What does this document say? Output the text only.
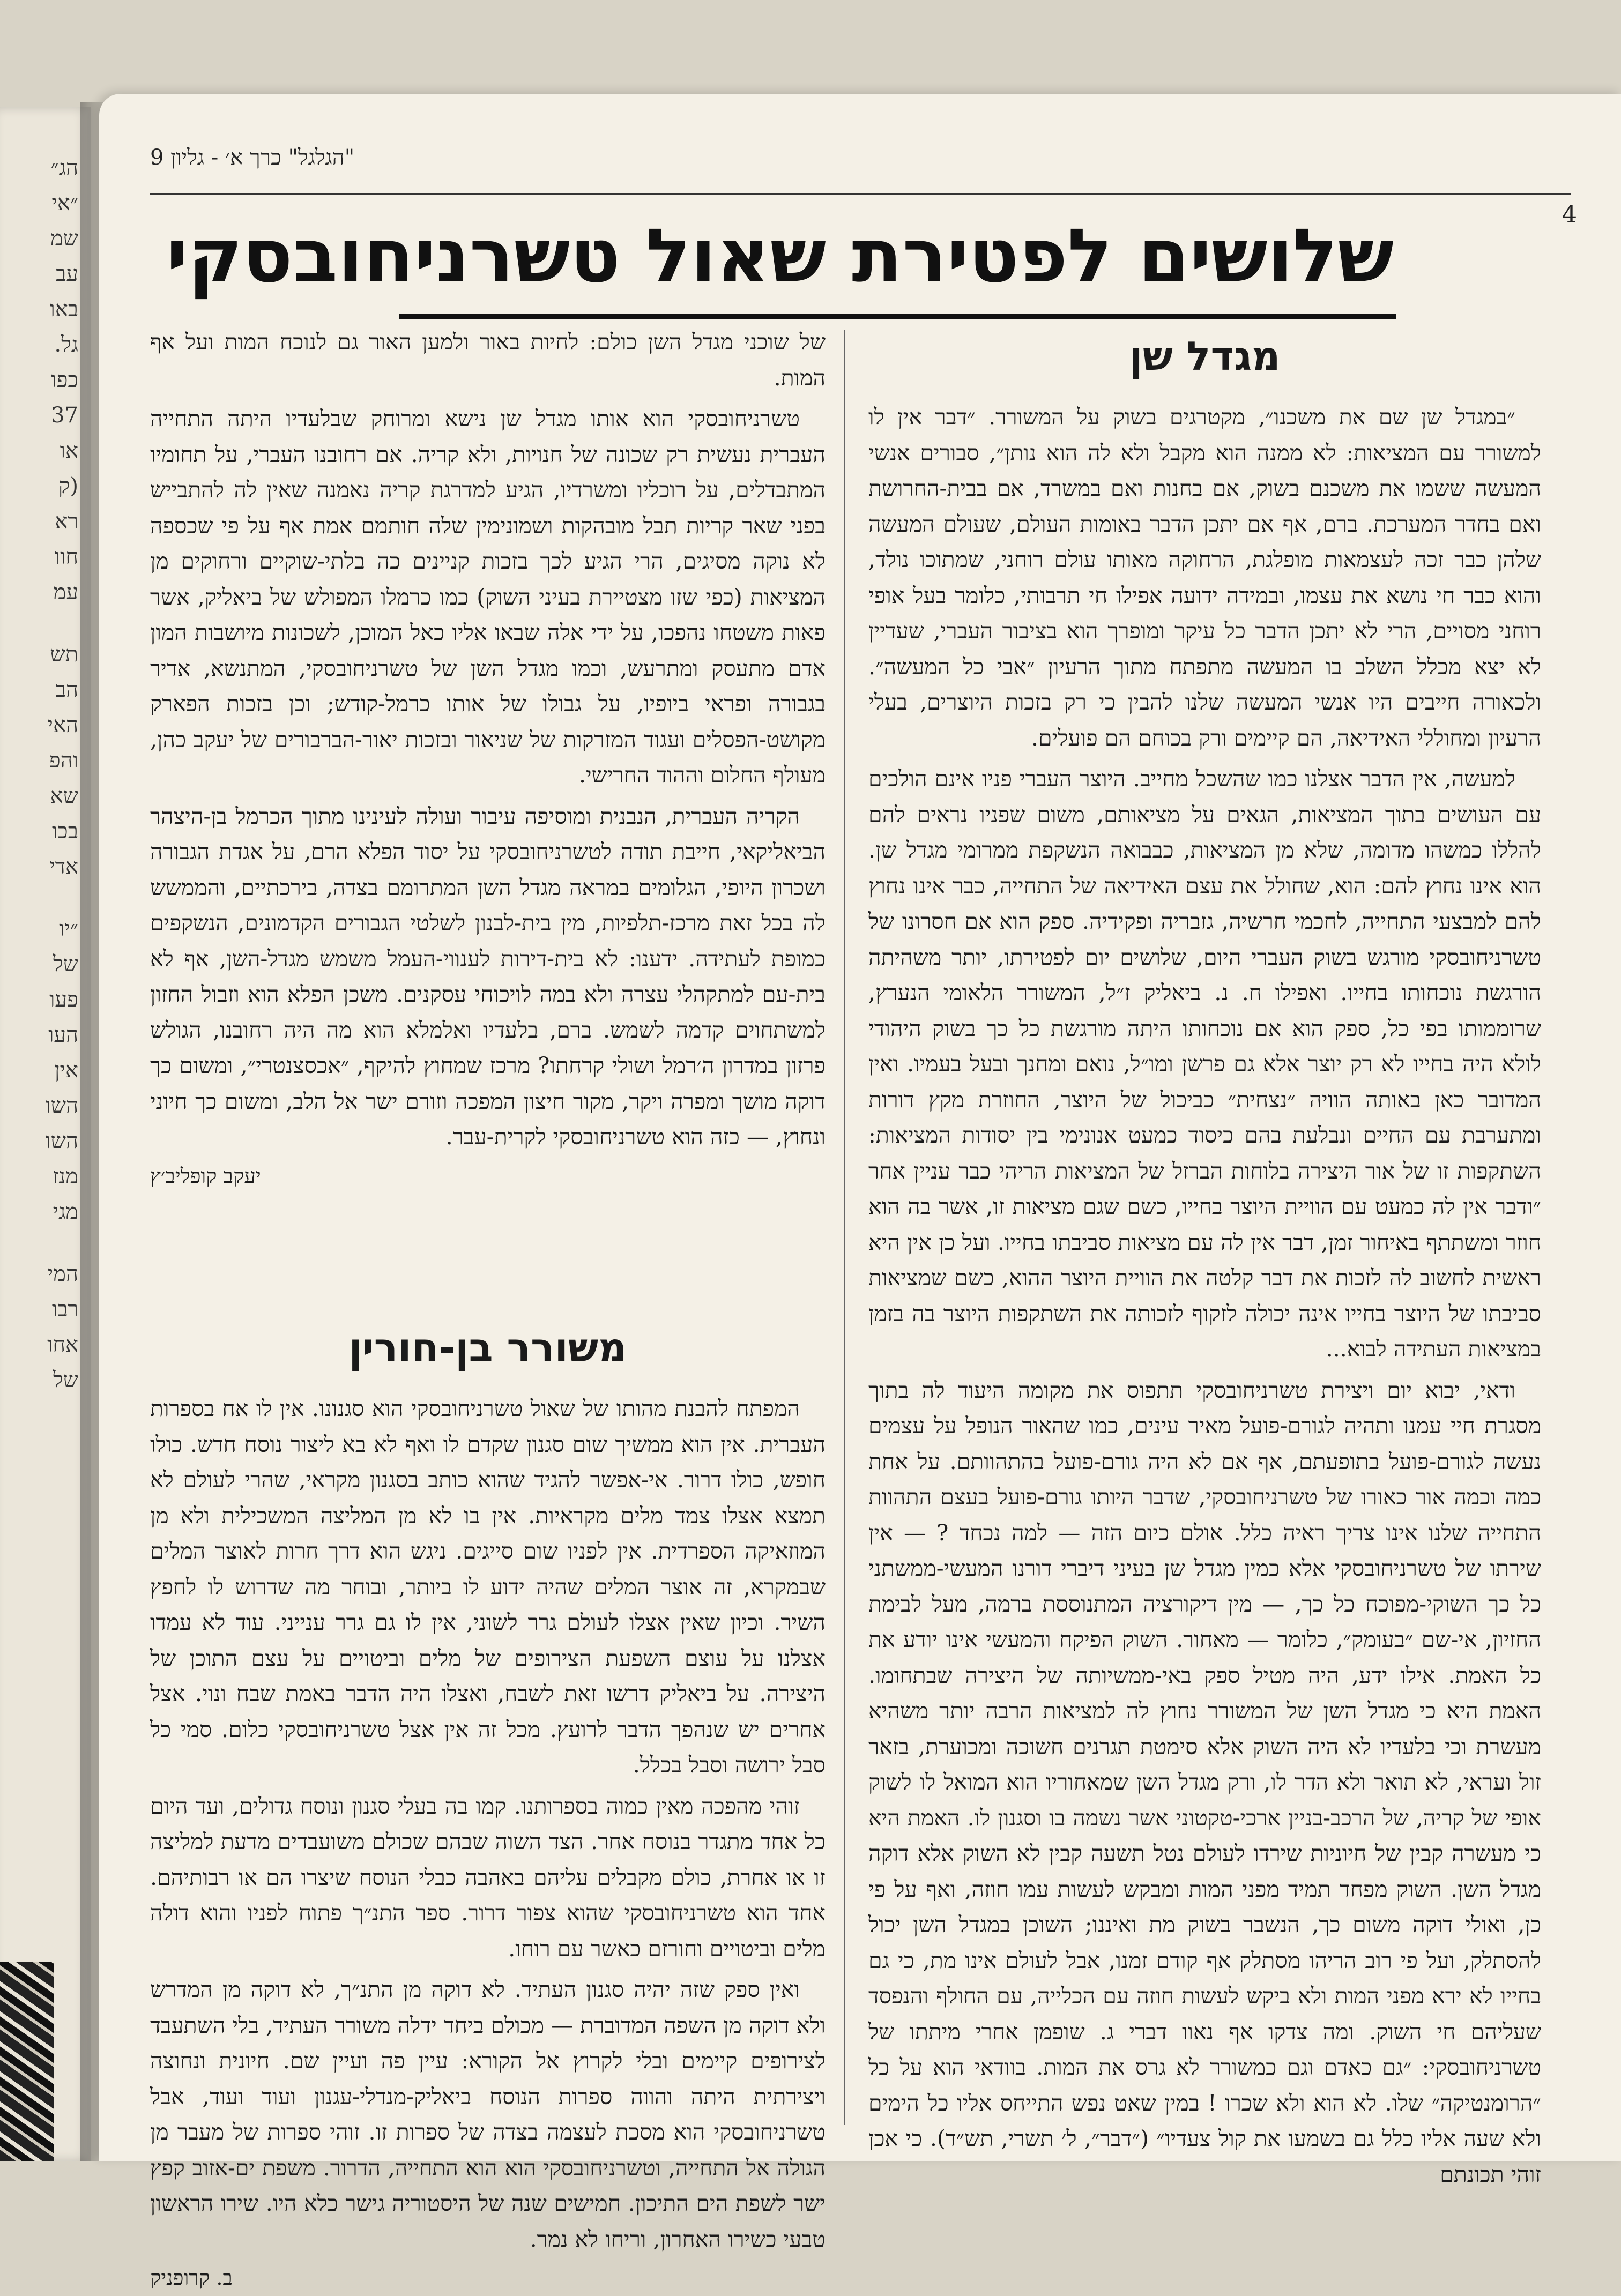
הג״
״אי
שמ
עב
באו
גל.
כפו
37
או
(ק
רא
חוו
עמ
תש
הב
האי
והפ
שא
בכו
אדי
״יו
של
פעו
העו
אין
השו
השו
מנז
מגי
המי
רבו
אחו
של
"הגלגל" כרך א׳ - גליון 9
4
שלושים לפטירת שאול טשרניחובסקי
מגדל שן

״במגדל שן שם את משכנו״, מקטרגים בשוק על המשורר. ״דבר אין לו למשורר עם המציאות: לא ממנה הוא מקבל ולא לה הוא נותן״, סבורים אנשי המעשה ששמו את משכנם בשוק, אם בחנות ואם במשרד, אם בבית-החרושת ואם בחדר המערכת. ברם, אף אם יתכן הדבר באומות העולם, שעולם המעשה שלהן כבר זכה לעצמאות מופלגת, הרחוקה מאותו עולם רוחני, שמתוכו נולד, והוא כבר חי נושא את עצמו, ובמידה ידועה אפילו חי תרבותי, כלומר בעל אופי רוחני מסויים, הרי לא יתכן הדבר כל עיקר ומופרך הוא בציבור העברי, שעדיין לא יצא מכלל השלב בו המעשה מתפתח מתוך הרעיון ״אבי כל המעשה״. ולכאורה חייבים היו אנשי המעשה שלנו להבין כי רק בזכות היוצרים, בעלי הרעיון ומחוללי האידיאה, הם קיימים ורק בכוחם הם פועלים.

למעשה, אין הדבר אצלנו כמו שהשכל מחייב. היוצר העברי פניו אינם הולכים עם העושים בתוך המציאות, הגאים על מציאותם, משום שפניו נראים להם להללו כמשהו מדומה, שלא מן המציאות, כבבואה הנשקפת ממרומי מגדל שן. הוא אינו נחוץ להם: הוא, שחולל את עצם האידיאה של התחייה, כבר אינו נחוץ להם למבצעי התחייה, לחכמי חרשיה, גזבריה ופקידיה. ספק הוא אם חסרונו של טשרניחובסקי מורגש בשוק העברי היום, שלושים יום לפטירתו, יותר משהיתה הורגשת נוכחותו בחייו. ואפילו ח. נ. ביאליק ז״ל, המשורר הלאומי הנערץ, שרוממותו בפי כל, ספק הוא אם נוכחותו היתה מורגשת כל כך בשוק היהודי לולא היה בחייו לא רק יוצר אלא גם פרשן ומו״ל, נואם ומחנך ובעל בעמיו. ואין המדובר כאן באותה הוויה ״נצחית״ כביכול של היוצר, החוזרת מקץ דורות ומתערבת עם החיים ונבלעת בהם כיסוד כמעט אנונימי בין יסודות המציאות: השתקפות זו של אור היצירה בלוחות הברזל של המציאות הריהי כבר עניין אחר ״ודבר אין לה כמעט עם הוויית היוצר בחייו, כשם שגם מציאות זו, אשר בה הוא חוזר ומשתתף באיחור זמן, דבר אין לה עם מציאות סביבתו בחייו. ועל כן אין היא ראשית לחשוב לה לזכות את דבר קלטה את הוויית היוצר ההוא, כשם שמציאות סביבתו של היוצר בחייו אינה יכולה לזקוף לזכותה את השתקפות היוצר בה בזמן במציאות העתידה לבוא...

ודאי, יבוא יום ויצירת טשרניחובסקי תתפוס את מקומה היעוד לה בתוך מסגרת חיי עמנו ותהיה לגורם-פועל מאיר עינים, כמו שהאור הנופל על עצמים נעשה לגורם-פועל בתופעתם, אף אם לא היה גורם-פועל בהתהוותם. על אחת כמה וכמה אור כאורו של טשרניחובסקי, שדבר היותו גורם-פועל בעצם התהוות התחייה שלנו אינו צריך ראיה כלל. אולם כיום הזה — למה נכחד ? — אין שירתו של טשרניחובסקי אלא כמין מגדל שן בעיני דיברי דורנו המעשי-ממשתני כל כך השוקי-מפוכח כל כך, — מין דיקורציה המתנוססת ברמה, מעל לבימת החזיון, אי-שם ״בעומק״, כלומר — מאחור. השוק הפיקח והמעשי אינו יודע את כל האמת. אילו ידע, היה מטיל ספק באי-ממשיותה של היצירה שבתחומו. האמת היא כי מגדל השן של המשורר נחוץ לה למציאות הרבה יותר משהיא מעשרת וכי בלעדיו לא היה השוק אלא סימטת תגרנים חשוכה ומכוערת, בזאר זול ועראי, לא תואר ולא הדר לו, ורק מגדל השן שמאחוריו הוא המואל לו לשוק אופי של קריה, של הרכב-בניין ארכי-טקטוני אשר נשמה בו וסגנון לו. האמת היא כי מעשרה קבין של חיוניות שירדו לעולם נטל תשעה קבין לא השוק אלא דוקה מגדל השן. השוק מפחד תמיד מפני המות ומבקש לעשות עמו חוזה, ואף על פי כן, ואולי דוקה משום כך, הנשבר בשוק מת ואיננו; השוכן במגדל השן יכול להסתלק, ועל פי רוב הריהו מסתלק אף קודם זמנו, אבל לעולם אינו מת, כי גם בחייו לא ירא מפני המות ולא ביקש לעשות חוזה עם הכלייה, עם החולף והנפסד שעליהם חי השוק. ומה צדקו אף נאוו דברי ג. שופמן אחרי מיתתו של טשרניחובסקי: ״גם כאדם וגם כמשורר לא גרס את המות. בוודאי הוא על כל ״הרומנטיקה״ שלו. לא הוא ולא שכרו ! במין שאט נפש התייחס אליו כל הימים ולא שעה אליו כלל גם בשמעו את קול צעדיו״ (״דבר״, ל׳ תשרי, תש״ד). כי אכן זוהי תכונתם

של שוכני מגדל השן כולם: לחיות באור ולמען האור גם לנוכח המות ועל אף המות.

טשרניחובסקי הוא אותו מגדל שן נישא ומרוחק שבלעדיו היתה התחייה העברית נעשית רק שכונה של חנויות, ולא קריה. אם רחובנו העברי, על תחומיו המתבדלים, על רוכליו ומשרדיו, הגיע למדרגת קריה נאמנה שאין לה להתבייש בפני שאר קריות תבל מובהקות ושמונימין שלה חותמם אמת אף על פי שכספה לא נוקה מסיגים, הרי הגיע לכך בזכות קניינים כה בלתי-שוקיים ורחוקים מן המציאות (כפי שזו מצטיירת בעיני השוק) כמו כרמלו המפולש של ביאליק, אשר פאות משטחו נהפכו, על ידי אלה שבאו אליו כאל המוכן, לשכונות מיושבות המון אדם מתעסק ומתרעש, וכמו מגדל השן של טשרניחובסקי, המתנשא, אדיר בגבורה ופראי ביופיו, על גבולו של אותו כרמל-קודש; וכן בזכות הפארק מקושט-הפסלים ועגוד המזרקות של שניאור ובזכות יאור-הברבורים של יעקב כהן, מעולף החלום וההוד החרישי.

הקריה העברית, הנבנית ומוסיפה עיבור ועולה לעינינו מתוך הכרמל בן-היצהר הביאליקאי, חייבת תודה לטשרניחובסקי על יסוד הפלא הרם, על אגדת הגבורה ושכרון היופי, הגלומים במראה מגדל השן המתרומם בצדה, בירכתיים, והממשש לה בכל זאת מרכז-תלפיות, מין בית-לבנון לשלטי הגבורים הקדמונים, הנשקפים כמופת לעתידה. ידענו: לא בית-דירות לענווי-העמל משמש מגדל-השן, אף לא בית-עם למתקהלי עצרה ולא במה לויכוחי עסקנים. משכן הפלא הוא וזבול החזון למשתחוים קדמה לשמש. ברם, בלעדיו ואלמלא הוא מה היה רחובנו, הגולש פרזון במדרון ה׳רמל ושולי קרחתו? מרכז שמחוץ להיקף, ״אכסצנטרי״, ומשום כך דוקה מושך ומפרה ויקר, מקור חיצון המפכה וזורם ישר אל הלב, ומשום כך חיוני ונחוץ, — כזה הוא טשרניחובסקי לקרית-עבר.

יעקב קופליב׳ץ
משורר בן-חורין

המפתח להבנת מהותו של שאול טשרניחובסקי הוא סגנונו. אין לו אח בספרות העברית. אין הוא ממשיך שום סגנון שקדם לו ואף לא בא ליצור נוסח חדש. כולו חופש, כולו דרור. אי-אפשר להגיד שהוא כותב בסגנון מקראי, שהרי לעולם לא תמצא אצלו צמד מלים מקראיות. אין בו לא מן המליצה המשכילית ולא מן המוזאיקה הספרדית. אין לפניו שום סייגים. ניגש הוא דרך חרות לאוצר המלים שבמקרא, זה אוצר המלים שהיה ידוע לו ביותר, ובוחר מה שדרוש לו לחפץ השיר. וכיון שאין אצלו לעולם גרר לשוני, אין לו גם גרר ענייני. עוד לא עמדו אצלנו על עוצם השפעת הצירופים של מלים וביטויים על עצם התוכן של היצירה. על ביאליק דרשו זאת לשבח, ואצלו היה הדבר באמת שבח ונוי. אצל אחרים יש שנהפך הדבר לרועץ. מכל זה אין אצל טשרניחובסקי כלום. סמי כל סבל ירושה וסבל בכלל.

זוהי מהפכה מאין כמוה בספרותנו. קמו בה בעלי סגנון ונוסח גדולים, ועד היום כל אחד מתגדר בנוסח אחר. הצד השוה שבהם שכולם משועבדים מדעת למליצה זו או אחרת, כולם מקבלים עליהם באהבה כבלי הנוסח שיצרו הם או רבותיהם. אחד הוא טשרניחובסקי שהוא צפור דרור. ספר התנ״ך פתוח לפניו והוא דולה מלים וביטויים וחורזם כאשר עם רוחו.

ואין ספק שזה יהיה סגנון העתיד. לא דוקה מן התנ״ך, לא דוקה מן המדרש ולא דוקה מן השפה המדוברת — מכולם ביחד ידלה משורר העתיד, בלי השתעבד לצירופים קיימים ובלי לקרוץ אל הקורא: עיין פה ועיין שם. חיונית ונחוצה ויצירתית היתה והווה ספרות הנוסח ביאליק-מנדלי-עגנון ועוד ועוד, אבל טשרניחובסקי הוא מסכת לעצמה בצדה של ספרות זו. זוהי ספרות של מעבר מן הגולה אל התחייה, וטשרניחובסקי הוא הוא התחייה, הדרור. משפת ים-אזוב קפץ ישר לשפת הים התיכון. חמישים שנה של היסטוריה גישר כלא היו. שירו הראשון טבעי כשירו האחרון, וריחו לא נמר.

ב. קרופניק
